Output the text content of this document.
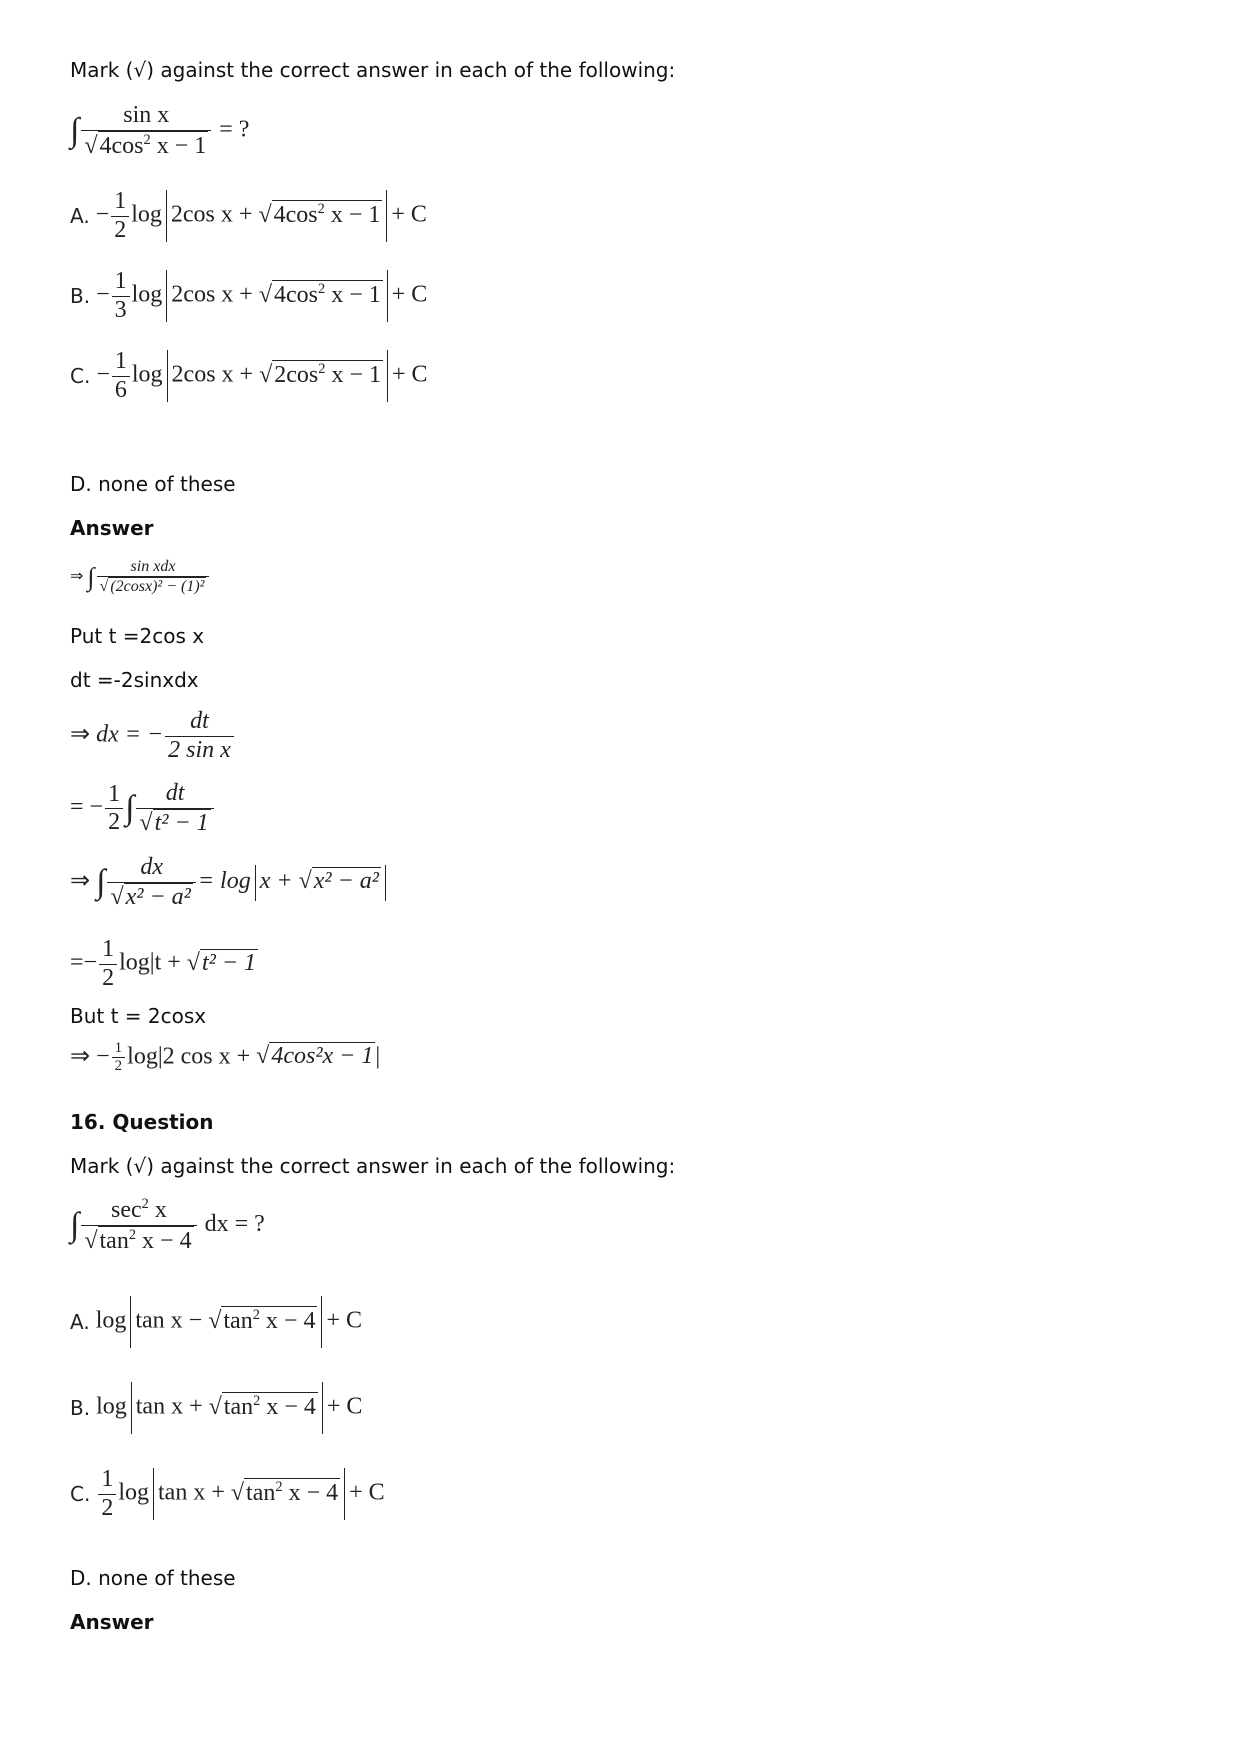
Mark (√) against the correct answer in each of the following:
∫ $\frac{\text{sin x}}{√4\cos^2 x - 1}$ = ?
A. − $\frac{1}{2}$ log 2cos $x + √4\cos^2$ x − 1 + C
B. − $\frac{1}{3}$ log 2cos $x + √4\cos^2$ x − 1 + C
C. − $\frac{1}{6}$ log 2cos $x + √2\cos^2$ x − 1 + C
D. none of these
Answer
⇒ ∫ $\frac{\text{sin xdx}}{\text{√ (2cosx)² − (1)²}}$
Put t =2cos x
dt =-2sinxdx
⇒ dx = − $\frac{dt}{\text{2 sin x}}$
= − $\frac{1}{2}$ ∫ $\frac{dt}{\text{√t² − 1}}$
⇒ ∫ $\frac{dx}{\text{√x² − a²}} = \log x + √x^2 - a^2$
=− $\frac{1}{2} \log|t + √t^2 - 1$
But t = 2cosx
⇒ − $\frac{1}{2} \log|2$ cos x + √4cos²x − 1|
16. Question
Mark (√) against the correct answer in each of the following:
∫ $\frac{\sec^2 x}{√\tan^2 x - 4}$ dx = ?
A. $\log \tan x - √\tan^2$ x − 4 + C
B. $\log \tan x + √\tan^2$ x − 4 + C
C. $\frac{1}{2}$ $\log \tan x + √\tan^2$ x − 4 + C
D. none of these
Answer
